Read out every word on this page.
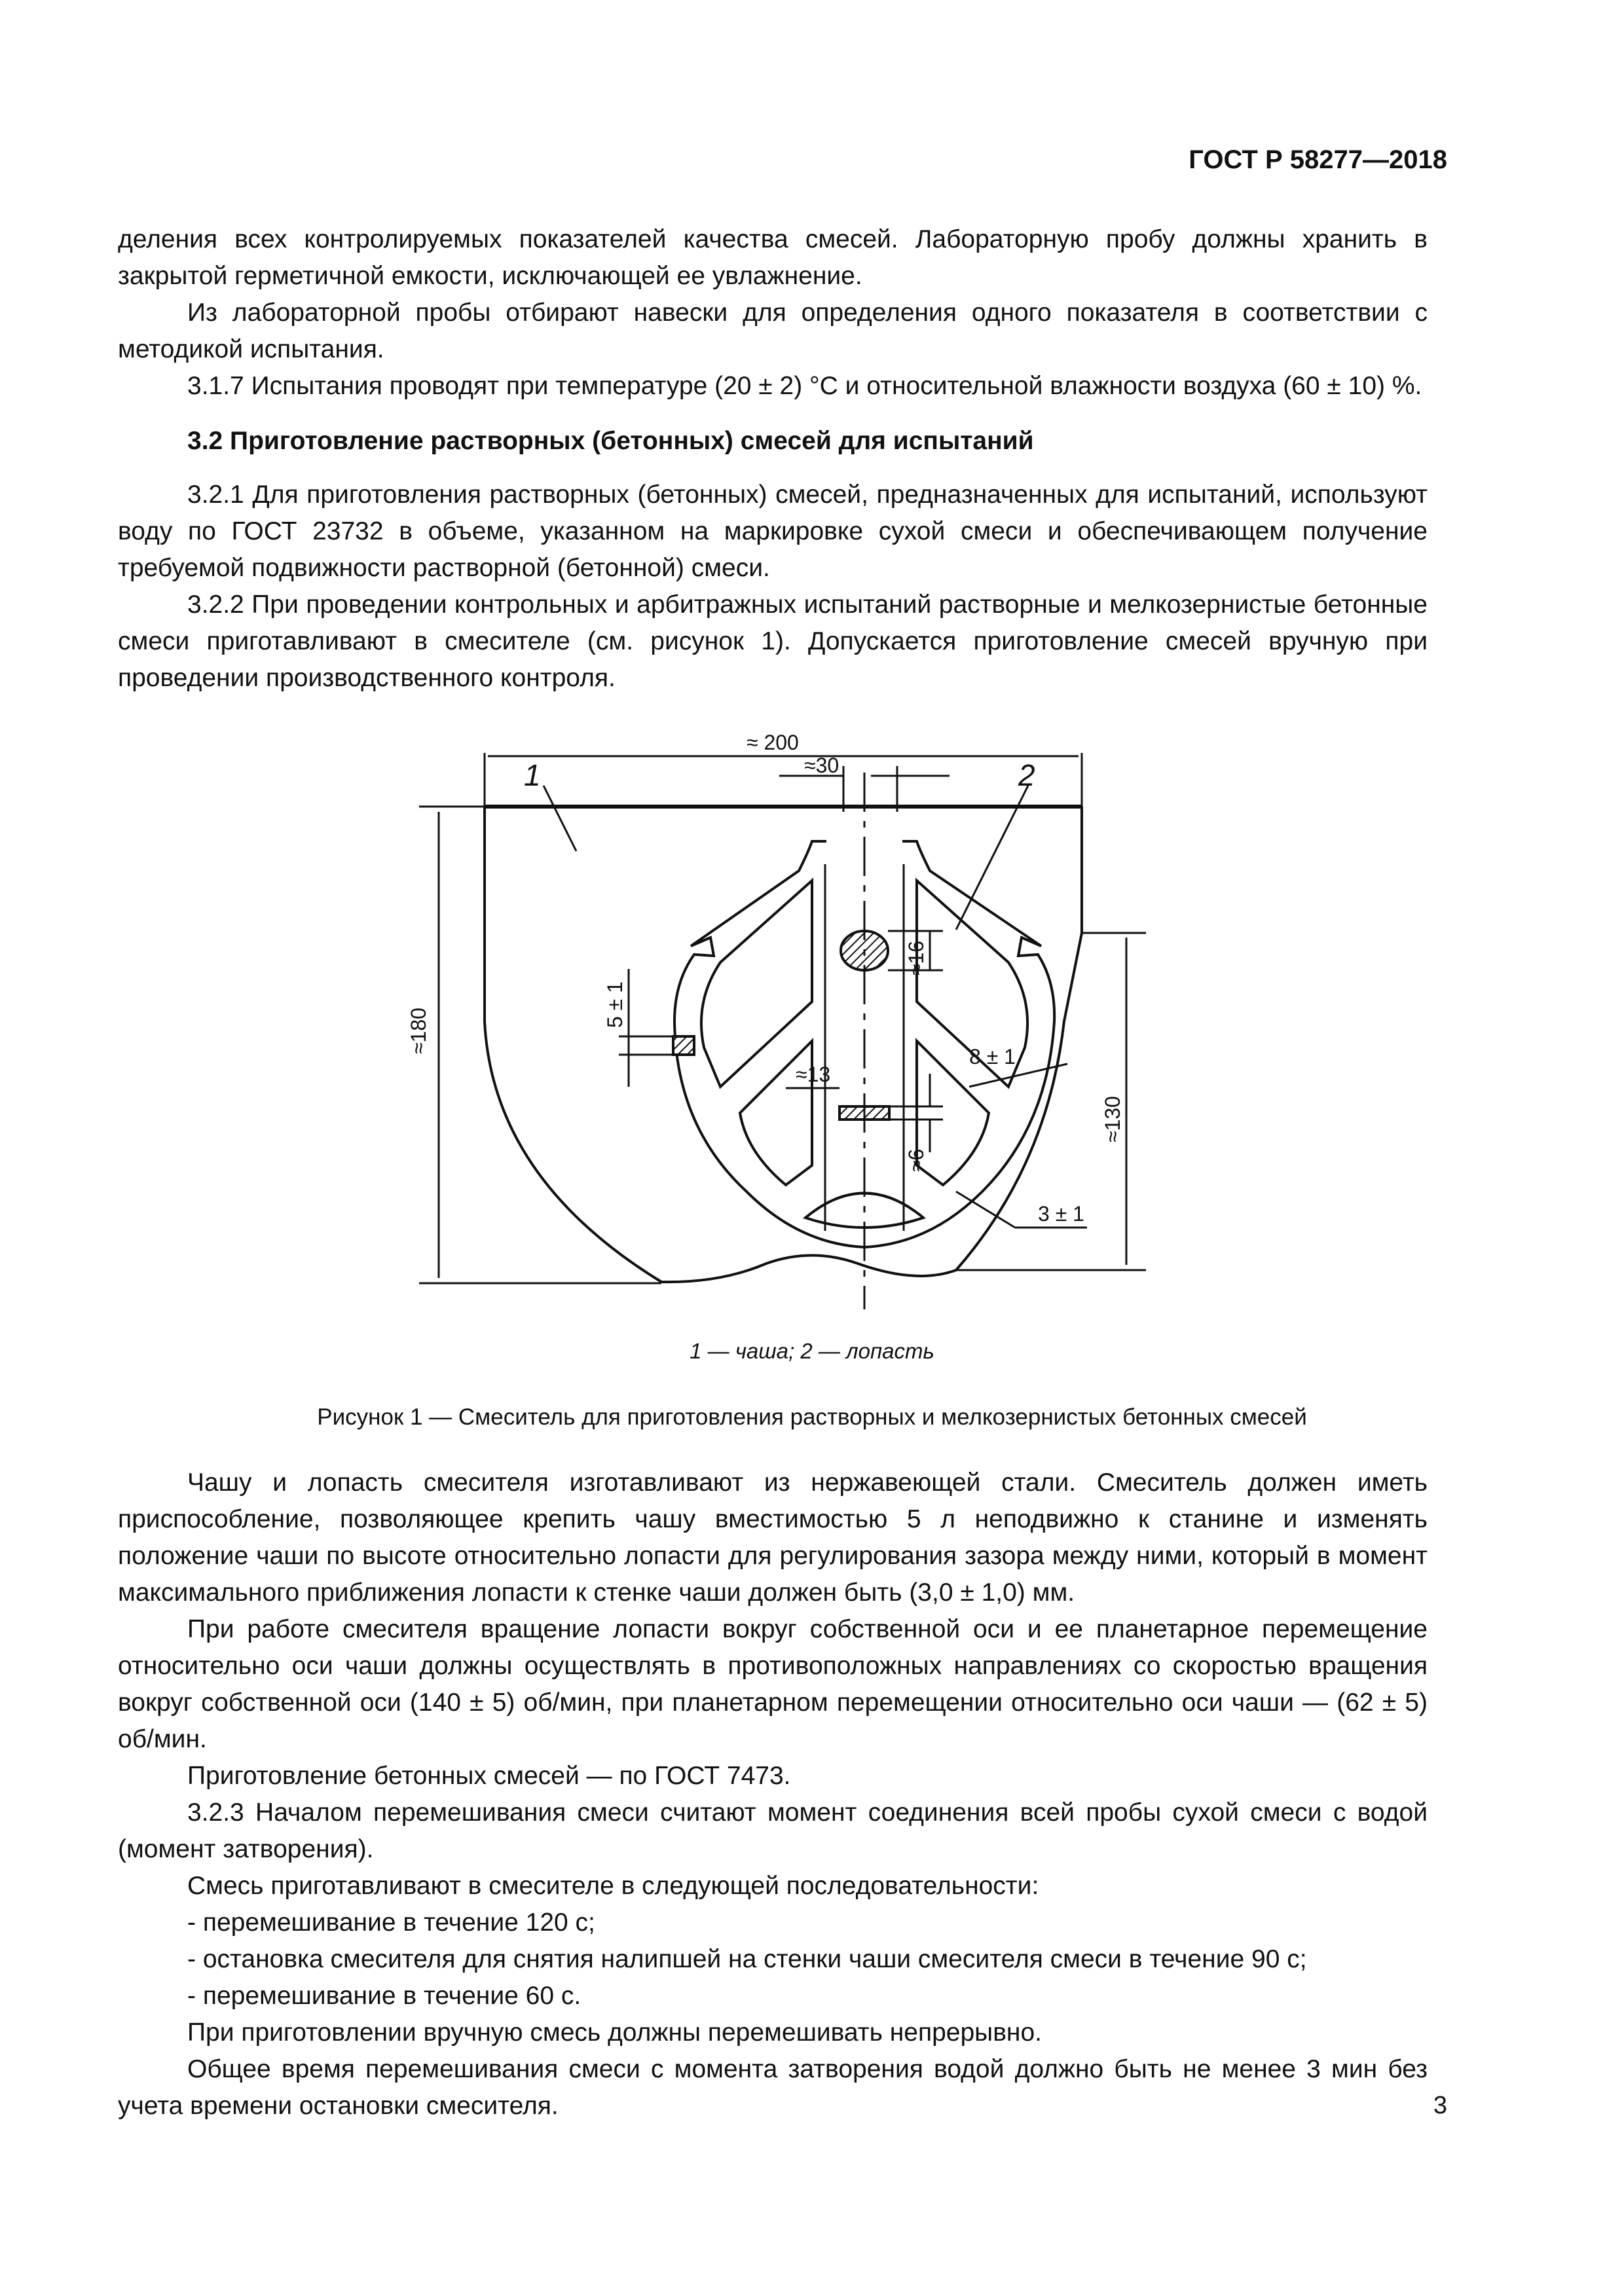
ГОСТ Р 58277—2018

деления всех контролируемых показателей качества смесей. Лабораторную пробу должны хранить в закрытой герметичной емкости, исключающей ее увлажнение.

Из лабораторной пробы отбирают навески для определения одного показателя в соответствии с методикой испытания.

3.1.7 Испытания проводят при температуре (20 ± 2) °С и относительной влажности воздуха (60 ± 10) %.

3.2 Приготовление растворных (бетонных) смесей для испытаний

3.2.1 Для приготовления растворных (бетонных) смесей, предназначенных для испытаний, используют воду по ГОСТ 23732 в объеме, указанном на маркировке сухой смеси и обеспечивающем получение требуемой подвижности растворной (бетонной) смеси.

3.2.2 При проведении контрольных и арбитражных испытаний растворные и мелкозернистые бетонные смеси приготавливают в смесителе (см. рисунок 1). Допускается приготовление смесей вручную при проведении производственного контроля.

≈ 200
≈30
1	2
≈180
≈130
5 ± 1
≈16
8 ± 1
≈13
≈6
3 ± 1
1 — чаша; 2 — лопасть
Рисунок 1 — Смеситель для приготовления растворных и мелкозернистых бетонных смесей

Чашу и лопасть смесителя изготавливают из нержавеющей стали. Смеситель должен иметь приспособление, позволяющее крепить чашу вместимостью 5 л неподвижно к станине и изменять положение чаши по высоте относительно лопасти для регулирования зазора между ними, который в момент максимального приближения лопасти к стенке чаши должен быть (3,0 ± 1,0) мм.

При работе смесителя вращение лопасти вокруг собственной оси и ее планетарное перемещение относительно оси чаши должны осуществлять в противоположных направлениях со скоростью вращения вокруг собственной оси (140 ± 5) об/мин, при планетарном перемещении относительно оси чаши — (62 ± 5) об/мин.

Приготовление бетонных смесей — по ГОСТ 7473.

3.2.3 Началом перемешивания смеси считают момент соединения всей пробы сухой смеси с водой (момент затворения).

Смесь приготавливают в смесителе в следующей последовательности:

- перемешивание в течение 120 с;

- остановка смесителя для снятия налипшей на стенки чаши смесителя смеси в течение 90 с;

- перемешивание в течение 60 с.

При приготовлении вручную смесь должны перемешивать непрерывно.

Общее время перемешивания смеси с момента затворения водой должно быть не менее 3 мин без учета времени остановки смесителя.	3
